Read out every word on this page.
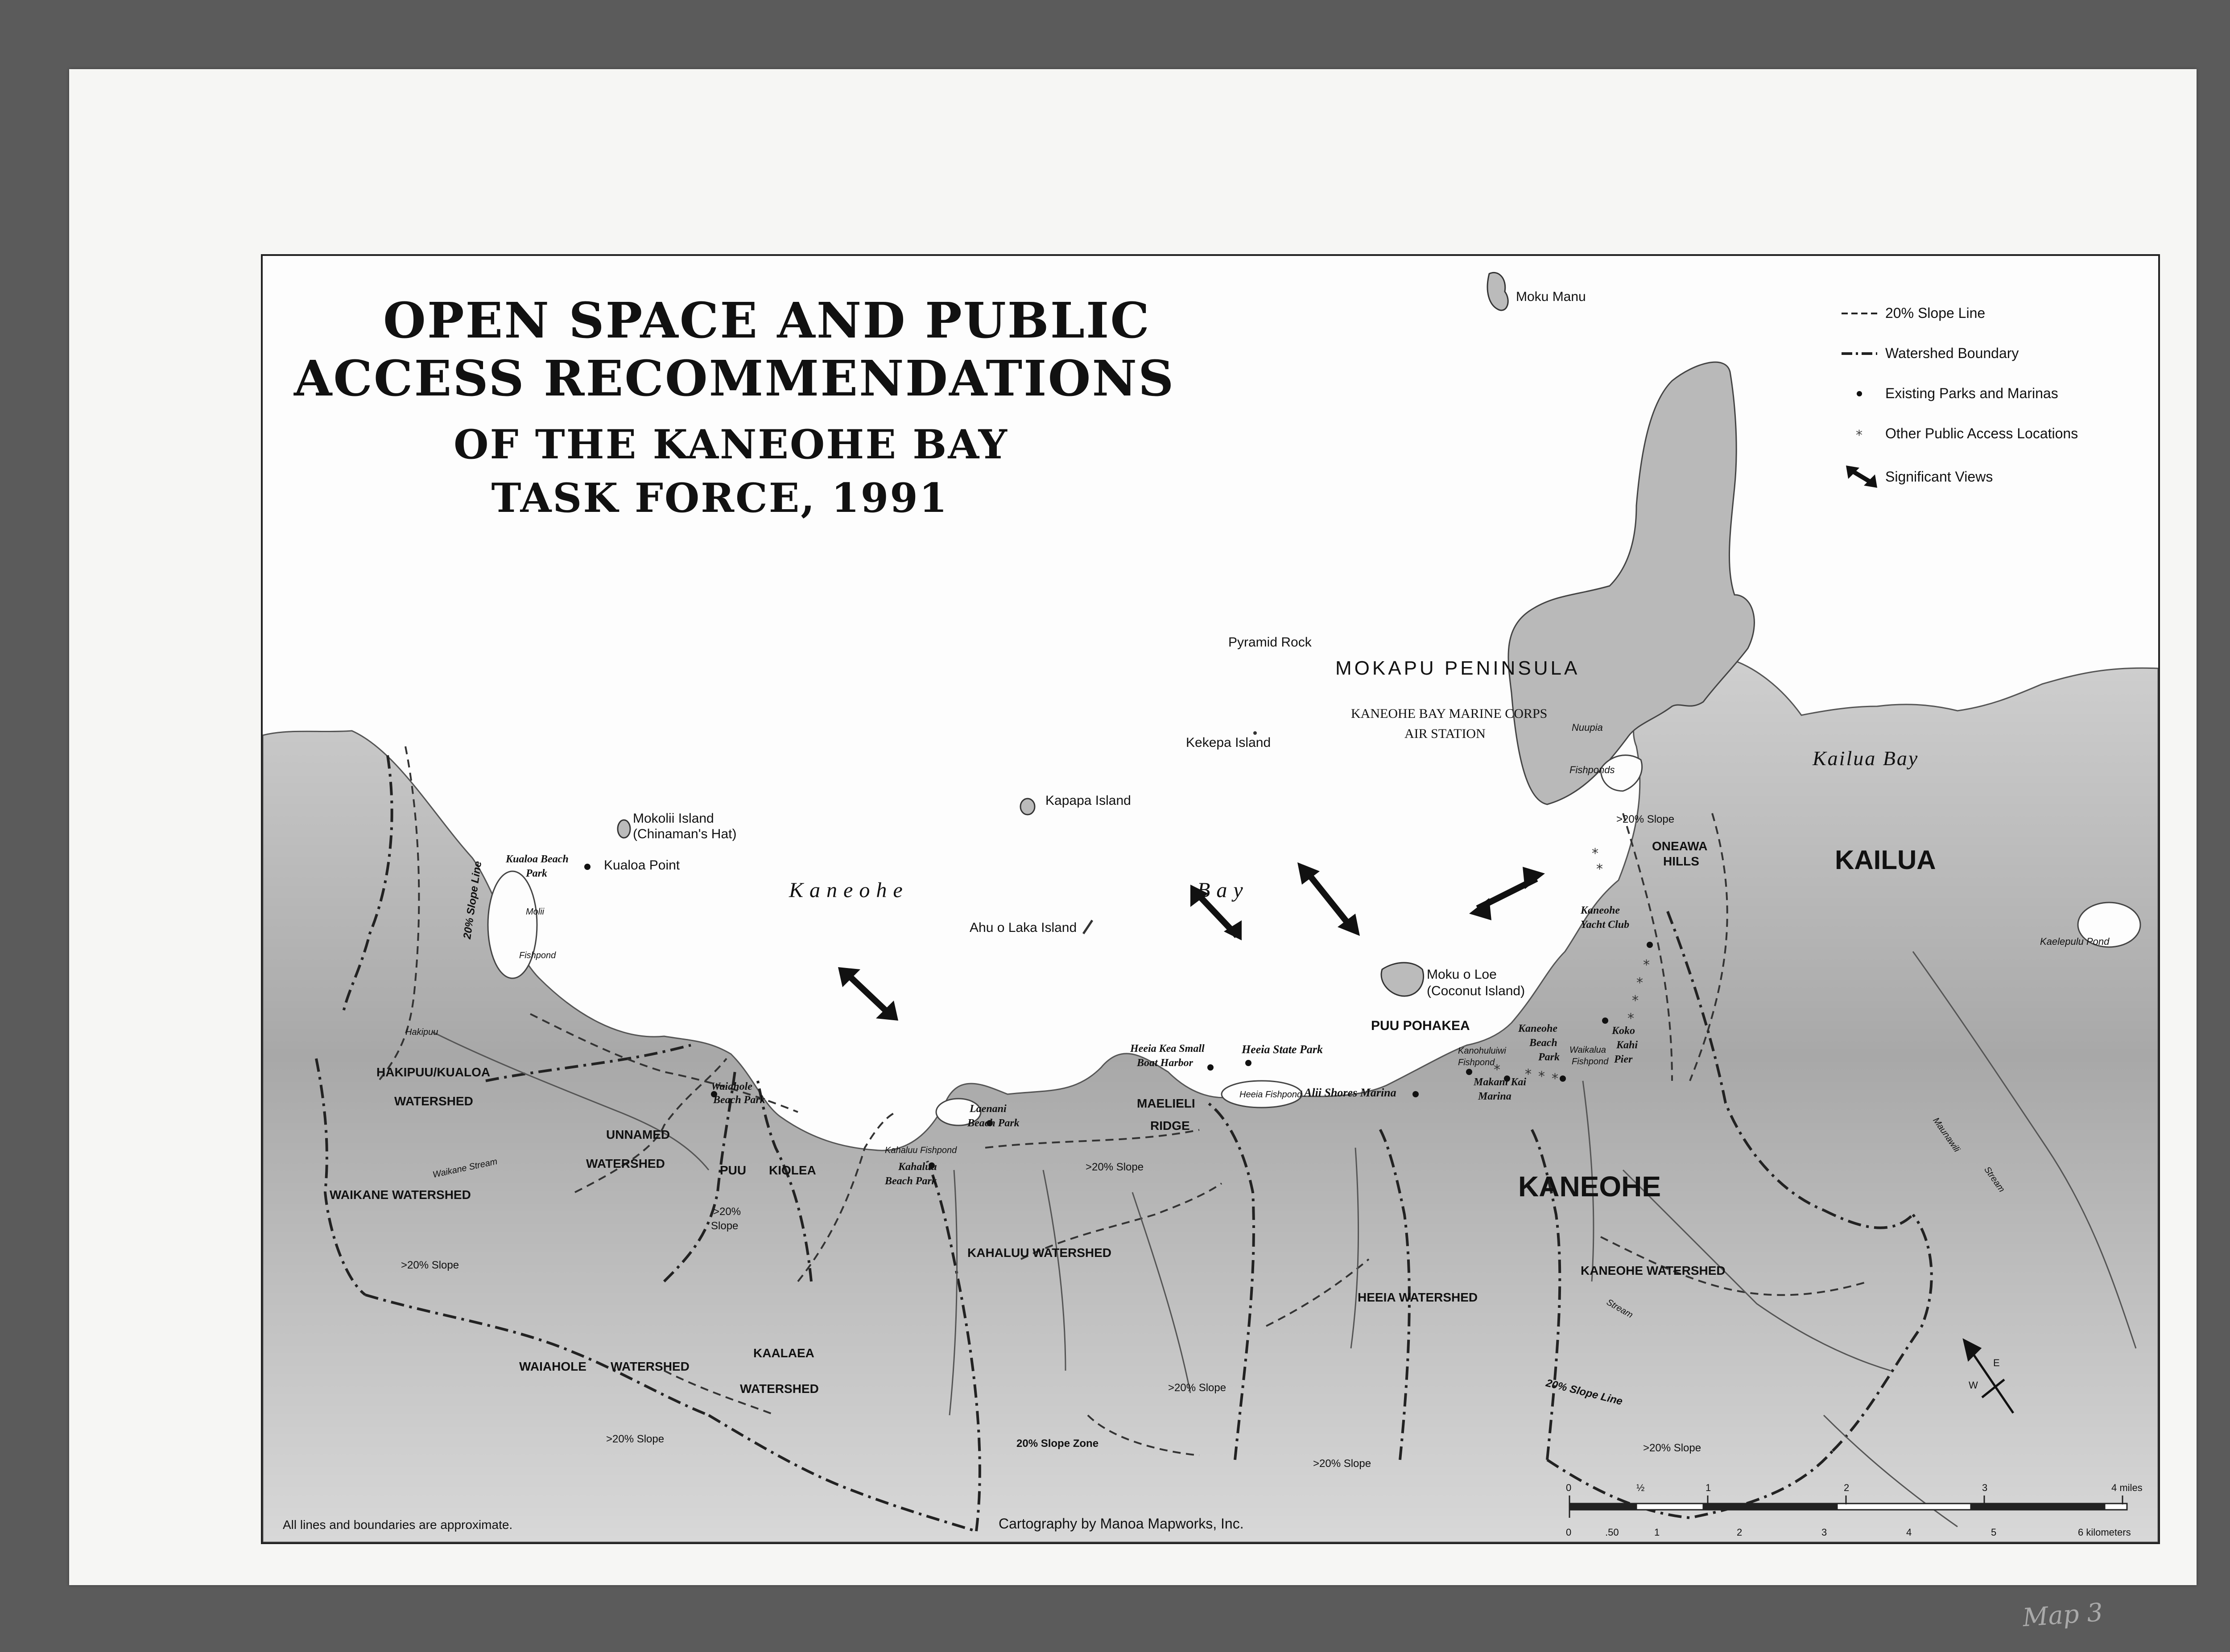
*
*
*
*
*
*
* * * *
OPEN SPACE AND PUBLIC
ACCESS RECOMMENDATIONS
OF THE KANEOHE BAY
TASK FORCE, 1991
20% Slope Line
Watershed Boundary
Existing Parks and Marinas
* Other Public Access Locations
Significant Views
Moku Manu
Pyramid Rock
MOKAPU PENINSULA
KANEOHE BAY MARINE CORPS
AIR STATION	Nuupia
Fishponds
Kekepa Island
Kapapa Island
Kailua Bay
KAILUA
Kaelepulu Pond
Mokolii Island
(Chinaman's Hat)
Kualoa Beach
Park
Kualoa Point
Molii
Fishpond
Kaneohe	Bay
Ahu o Laka Island
Moku o Loe
(Coconut Island)
>20% Slope
ONEAWA
HILLS
Kaneohe
Yacht Club
PUU POHAKEA	Kaneohe
Beach
Park
Koko
Kahi
Pier
Waikalua
Fishpond
Kanohuluiwi
Fishpond
Makani Kai
Marina
Alii Shores Marina
Heeia State Park
Heeia Kea Small
Boat Harbor
Heeia Fishpond
MAELIELI
RIDGE
Laenani
Beach Park
Kahaluu Fishpond
Kahaluu
Beach Park
Waiahole
Beach Park
HAKIPUU/KUALOA
WATERSHED
Hakipuu
20% Slope Line
UNNAMED
WATERSHED
WAIKANE WATERSHED
Waikane Stream
>20% Slope
PUU KIOLEA
>20%
Slope
WAIAHOLE WATERSHED
>20% Slope
KAALAEA
WATERSHED
KAHALUU WATERSHED
>20% Slope
20% Slope Zone
>20% Slope
HEEIA WATERSHED
>20% Slope
KANEOHE
KANEOHE WATERSHED
20% Slope Line
>20% Slope
Stream
Maunawili
Stream
W
E
All lines and boundaries are approximate.	Cartography by Manoa Mapworks, Inc.
4 miles
6 kilometers
0	½	1	2	3
0	.50	1	2	3	4	5
Map 3
